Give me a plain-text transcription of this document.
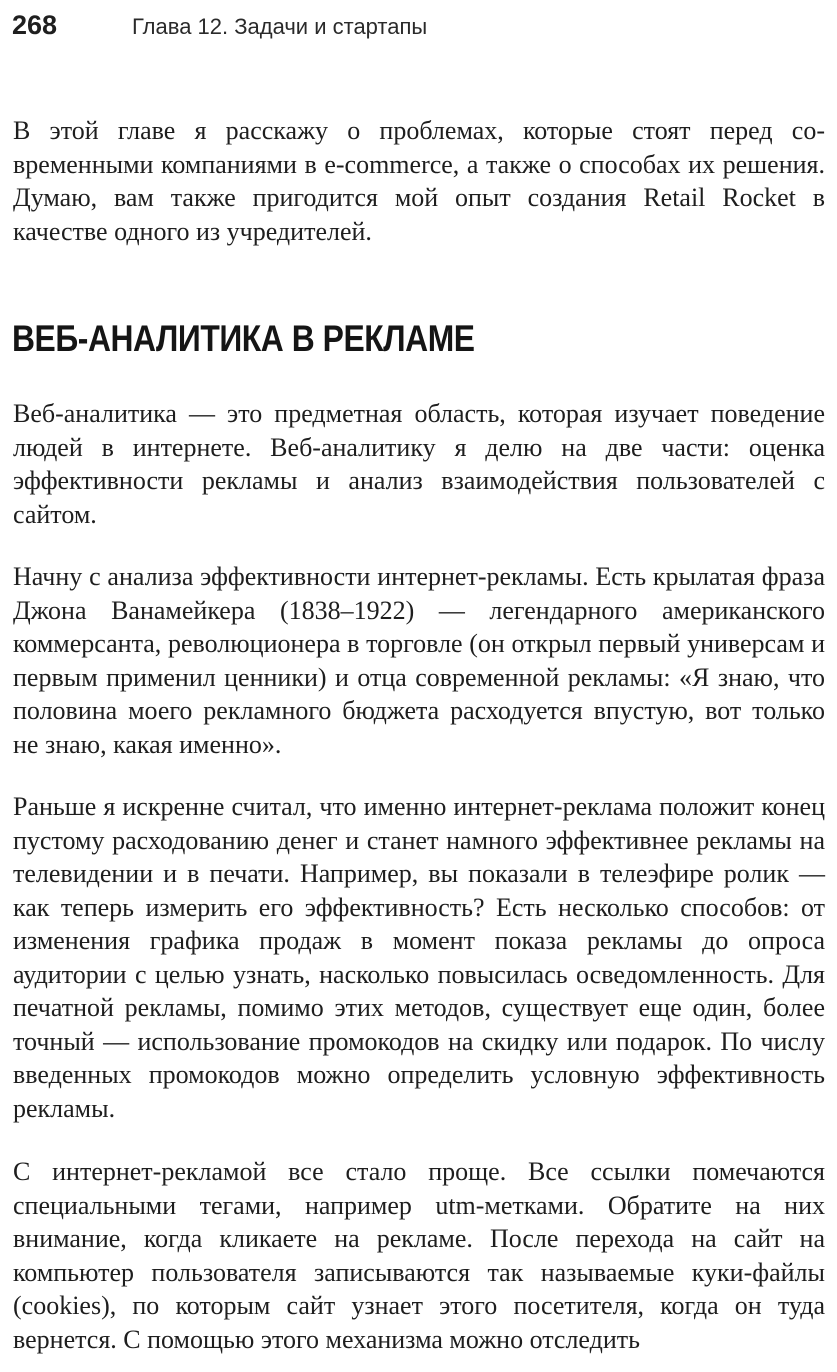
268	Глава 12. Задачи и стартапы

В этой главе я расскажу о проблемах, которые стоят перед современными компаниями в e-commerce, а также о способах их решения. Думаю, вам также пригодится мой опыт создания Retail Rocket в качестве одного из учредителей.

ВЕБ-АНАЛИТИКА В РЕКЛАМЕ

Веб-аналитика — это предметная область, которая изучает поведение людей в интернете. Веб-аналитику я делю на две части: оценка эффективности рекламы и анализ взаимодействия пользователей с сайтом.

Начну с анализа эффективности интернет-рекламы. Есть крылатая фраза Джона Ванамейкера (1838–1922) — легендарного американского коммерсанта, революционера в торговле (он открыл первый универсам и первым применил ценники) и отца современной рекламы: «Я знаю, что половина моего рекламного бюджета расходуется впустую, вот только не знаю, какая именно».

Раньше я искренне считал, что именно интернет-реклама положит конец пустому расходованию денег и станет намного эффективнее рекламы на телевидении и в печати. Например, вы показали в телеэфире ролик — как теперь измерить его эффективность? Есть несколько способов: от изменения графика продаж в момент показа рекламы до опроса аудитории с целью узнать, насколько повысилась осведомленность. Для печатной рекламы, помимо этих методов, существует еще один, более точный — использование промокодов на скидку или подарок. По числу введенных промокодов можно определить условную эффективность рекламы.

С интернет-рекламой все стало проще. Все ссылки помечаются специальными тегами, например utm-метками. Обратите на них внимание, когда кликаете на рекламе. После перехода на сайт на компьютер пользователя записываются так называемые куки-файлы (cookies), по которым сайт узнает этого посетителя, когда он туда вернется. С помощью этого механизма можно отследить
